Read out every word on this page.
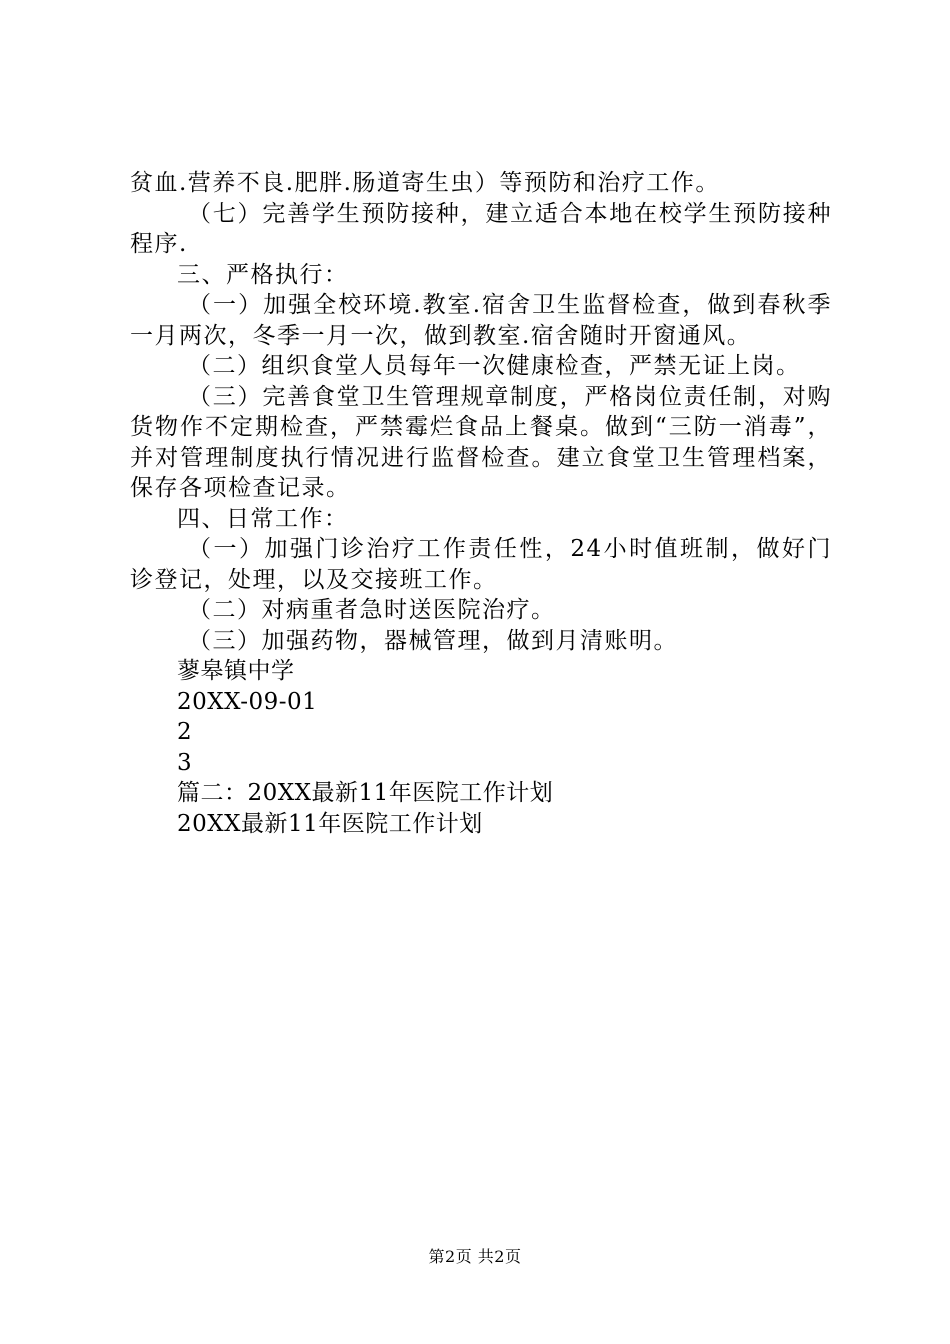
贫血.营养不良.肥胖.肠道寄生虫）等预防和治疗工作。

（七）完善学生预防接种，建立适合本地在校学生预防接种程序.

三、严格执行：

（一）加强全校环境.教室.宿舍卫生监督检查，做到春秋季一月两次，冬季一月一次，做到教室.宿舍随时开窗通风。

（二）组织食堂人员每年一次健康检查，严禁无证上岗。

（三）完善食堂卫生管理规章制度，严格岗位责任制，对购货物作不定期检查，严禁霉烂食品上餐桌。做到“三防一消毒”，并对管理制度执行情况进行监督检查。建立食堂卫生管理档案，保存各项检查记录。

四、日常工作：

（一）加强门诊治疗工作责任性，24小时值班制，做好门诊登记，处理，以及交接班工作。

（二）对病重者急时送医院治疗。

（三）加强药物，器械管理，做到月清账明。

蓼皋镇中学

20XX-09-01

2

3

篇二：20XX最新11年医院工作计划

20XX最新11年医院工作计划

第2页 共2页
